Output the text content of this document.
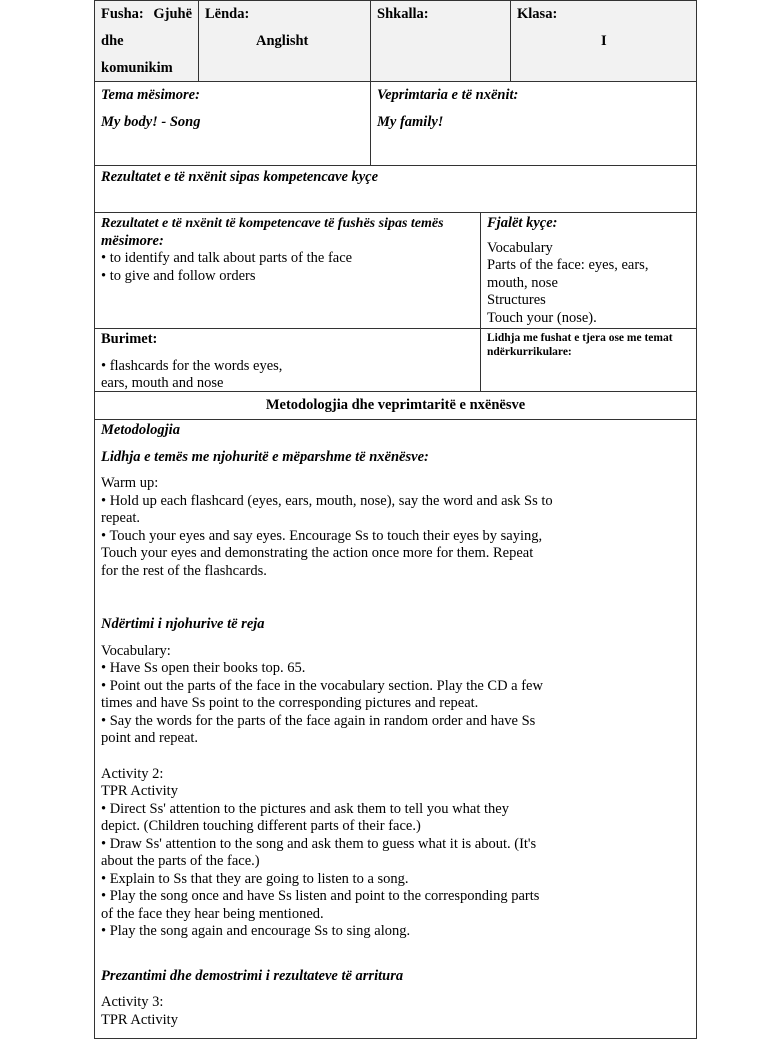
Fusha: Gjuhë
dhe
komunikim
Lënda:
Anglisht
Shkalla:	Klasa:
I
Tema mësimore:
My body! - Song
Veprimtaria e të nxënit:
My family!
Rezultatet e të nxënit sipas kompetencave kyçe
Rezultatet e të nxënit të kompetencave të fushës sipas temës
mësimore:
• to identify and talk about parts of the face
• to give and follow orders
Fjalët kyçe:
Vocabulary
Parts of the face: eyes, ears,
mouth, nose
Structures
Touch your (nose).
Burimet:
• flashcards for the words eyes,
ears, mouth and nose
Lidhja me fushat e tjera ose me temat
ndërkurrikulare:
Metodologjia dhe veprimtaritë e nxënësve
Metodologjia
Lidhja e temës me njohuritë e mëparshme të nxënësve:
Warm up:
• Hold up each flashcard (eyes, ears, mouth, nose), say the word and ask Ss to
repeat.
• Touch your eyes and say eyes. Encourage Ss to touch their eyes by saying,
Touch your eyes and demonstrating the action once more for them. Repeat
for the rest of the flashcards.
Ndërtimi i njohurive të reja
Vocabulary:
• Have Ss open their books top. 65.
• Point out the parts of the face in the vocabulary section. Play the CD a few
times and have Ss point to the corresponding pictures and repeat.
• Say the words for the parts of the face again in random order and have Ss
point and repeat.
Activity 2:
TPR Activity
• Direct Ss' attention to the pictures and ask them to tell you what they
depict. (Children touching different parts of their face.)
• Draw Ss' attention to the song and ask them to guess what it is about. (It's
about the parts of the face.)
• Explain to Ss that they are going to listen to a song.
• Play the song once and have Ss listen and point to the corresponding parts
of the face they hear being mentioned.
• Play the song again and encourage Ss to sing along.
Prezantimi dhe demostrimi i rezultateve të arritura
Activity 3:
TPR Activity
